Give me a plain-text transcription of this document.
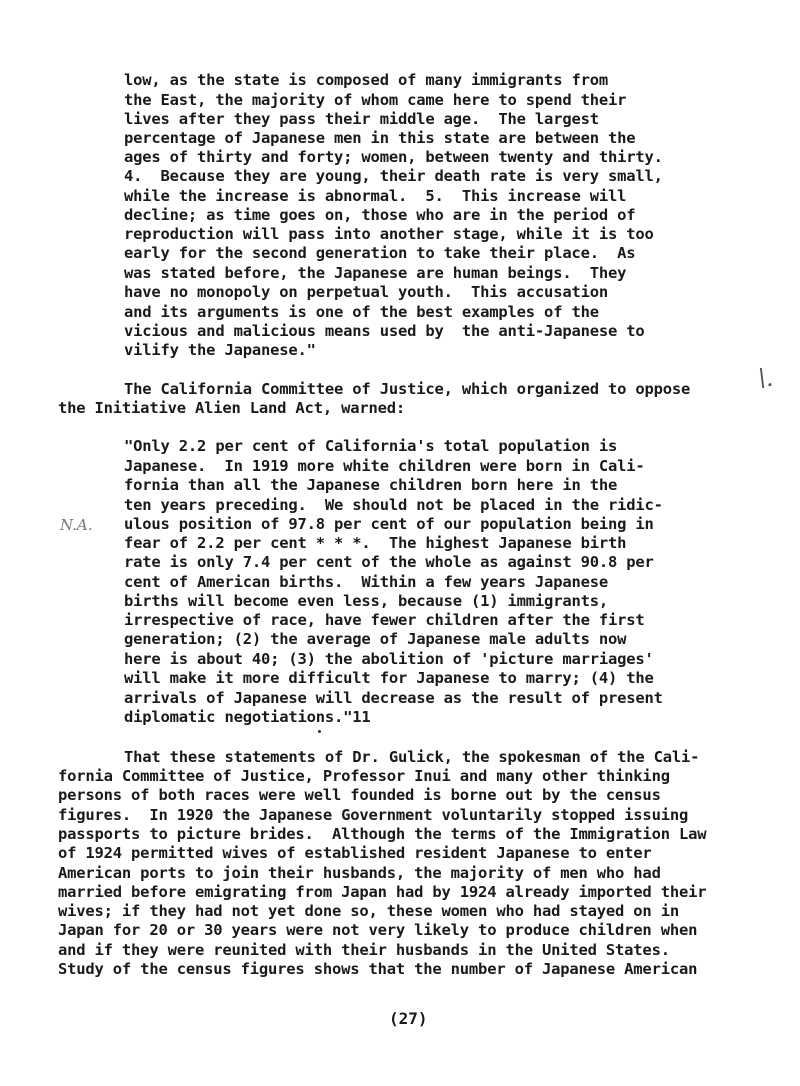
low, as the state is composed of many immigrants from
the East, the majority of whom came here to spend their
lives after they pass their middle age.  The largest
percentage of Japanese men in this state are between the
ages of thirty and forty; women, between twenty and thirty.
4.  Because they are young, their death rate is very small,
while the increase is abnormal.  5.  This increase will
decline; as time goes on, those who are in the period of
reproduction will pass into another stage, while it is too
early for the second generation to take their place.  As
was stated before, the Japanese are human beings.  They
have no monopoly on perpetual youth.  This accusation
and its arguments is one of the best examples of the
vicious and malicious means used by  the anti-Japanese to
vilify the Japanese."
The California Committee of Justice, which organized to oppose
the Initiative Alien Land Act, warned:
"Only 2.2 per cent of California's total population is
Japanese.  In 1919 more white children were born in Cali-
fornia than all the Japanese children born here in the
ten years preceding.  We should not be placed in the ridic-
ulous position of 97.8 per cent of our population being in
fear of 2.2 per cent * * *.  The highest Japanese birth
rate is only 7.4 per cent of the whole as against 90.8 per
cent of American births.  Within a few years Japanese
births will become even less, because (1) immigrants,
irrespective of race, have fewer children after the first
generation; (2) the average of Japanese male adults now
here is about 40; (3) the abolition of 'picture marriages'
will make it more difficult for Japanese to marry; (4) the
arrivals of Japanese will decrease as the result of present
diplomatic negotiations."11
That these statements of Dr. Gulick, the spokesman of the Cali-
fornia Committee of Justice, Professor Inui and many other thinking
persons of both races were well founded is borne out by the census
figures.  In 1920 the Japanese Government voluntarily stopped issuing
passports to picture brides.  Although the terms of the Immigration Law
of 1924 permitted wives of established resident Japanese to enter
American ports to join their husbands, the majority of men who had
married before emigrating from Japan had by 1924 already imported their
wives; if they had not yet done so, these women who had stayed on in
Japan for 20 or 30 years were not very likely to produce children when
and if they were reunited with their husbands in the United States.
Study of the census figures shows that the number of Japanese American
(27)
\.
N.A.
